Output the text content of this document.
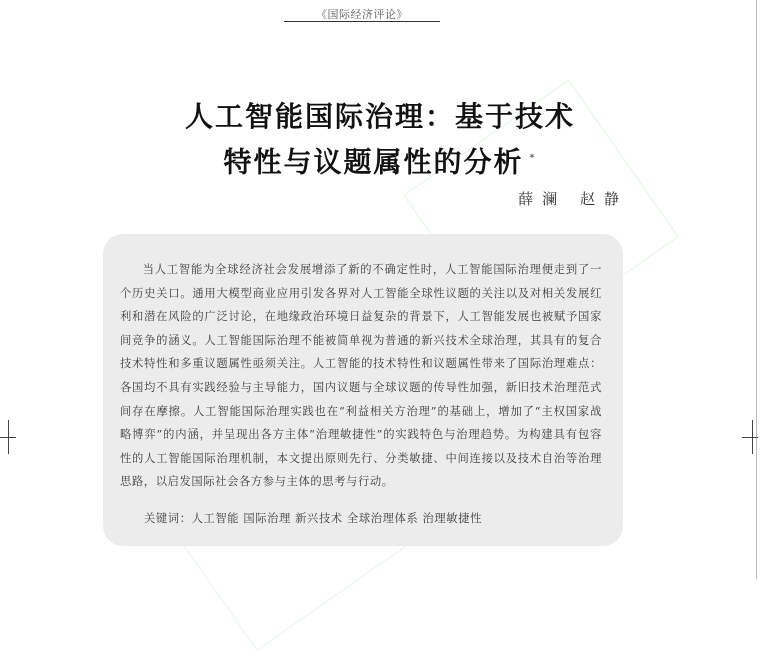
《国际经济评论》
人工智能国际治理：基于技术
特性与议题属性的分析 *
薛澜 赵静

当人工智能为全球经济社会发展增添了新的不确定性时，人工智能国际治理便走到了一个历史关口。通用大模型商业应用引发各界对人工智能全球性议题的关注以及对相关发展红利和潜在风险的广泛讨论，在地缘政治环境日益复杂的背景下，人工智能发展也被赋予国家间竞争的涵义。人工智能国际治理不能被简单视为普通的新兴技术全球治理，其具有的复合技术特性和多重议题属性亟须关注。人工智能的技术特性和议题属性带来了国际治理难点：各国均不具有实践经验与主导能力，国内议题与全球议题的传导性加强，新旧技术治理范式间存在摩擦。人工智能国际治理实践也在“利益相关方治理”的基础上，增加了“主权国家战略博弈”的内涵，并呈现出各方主体“治理敏捷性”的实践特色与治理趋势。为构建具有包容性的人工智能国际治理机制，本文提出原则先行、分类敏捷、中间连接以及技术自治等治理思路，以启发国际社会各方参与主体的思考与行动。

关键词：人工智能 国际治理 新兴技术 全球治理体系 治理敏捷性
